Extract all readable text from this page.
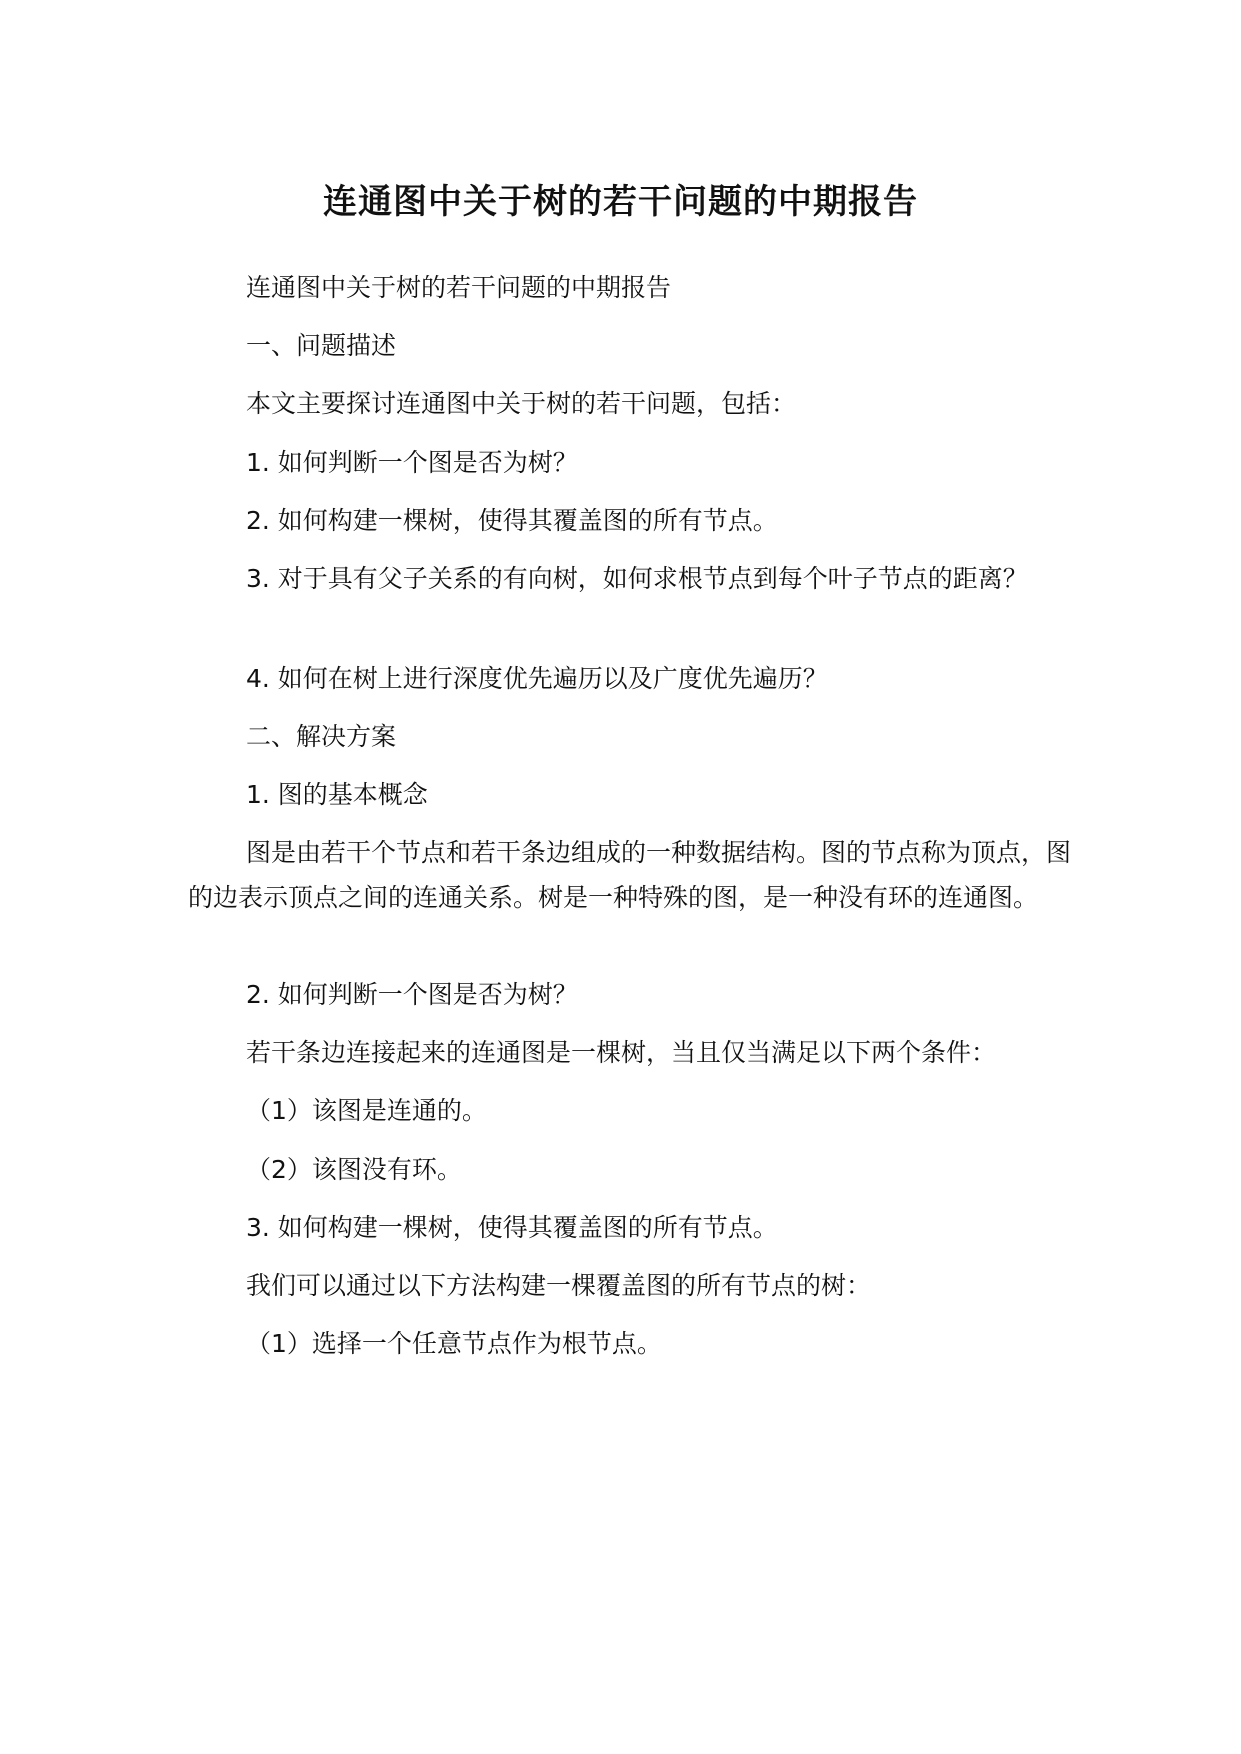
连通图中关于树的若干问题的中期报告

连通图中关于树的若干问题的中期报告

一、问题描述

本文主要探讨连通图中关于树的若干问题，包括：

1. 如何判断一个图是否为树？

2. 如何构建一棵树，使得其覆盖图的所有节点。

3. 对于具有父子关系的有向树，如何求根节点到每个叶子节点的距离？

4. 如何在树上进行深度优先遍历以及广度优先遍历？

二、解决方案

1. 图的基本概念

图是由若干个节点和若干条边组成的一种数据结构。图的节点称为顶点，图的边表示顶点之间的连通关系。树是一种特殊的图，是一种没有环的连通图。

2. 如何判断一个图是否为树？

若干条边连接起来的连通图是一棵树，当且仅当满足以下两个条件：

（1）该图是连通的。

（2）该图没有环。

3. 如何构建一棵树，使得其覆盖图的所有节点。

我们可以通过以下方法构建一棵覆盖图的所有节点的树：

（1）选择一个任意节点作为根节点。
